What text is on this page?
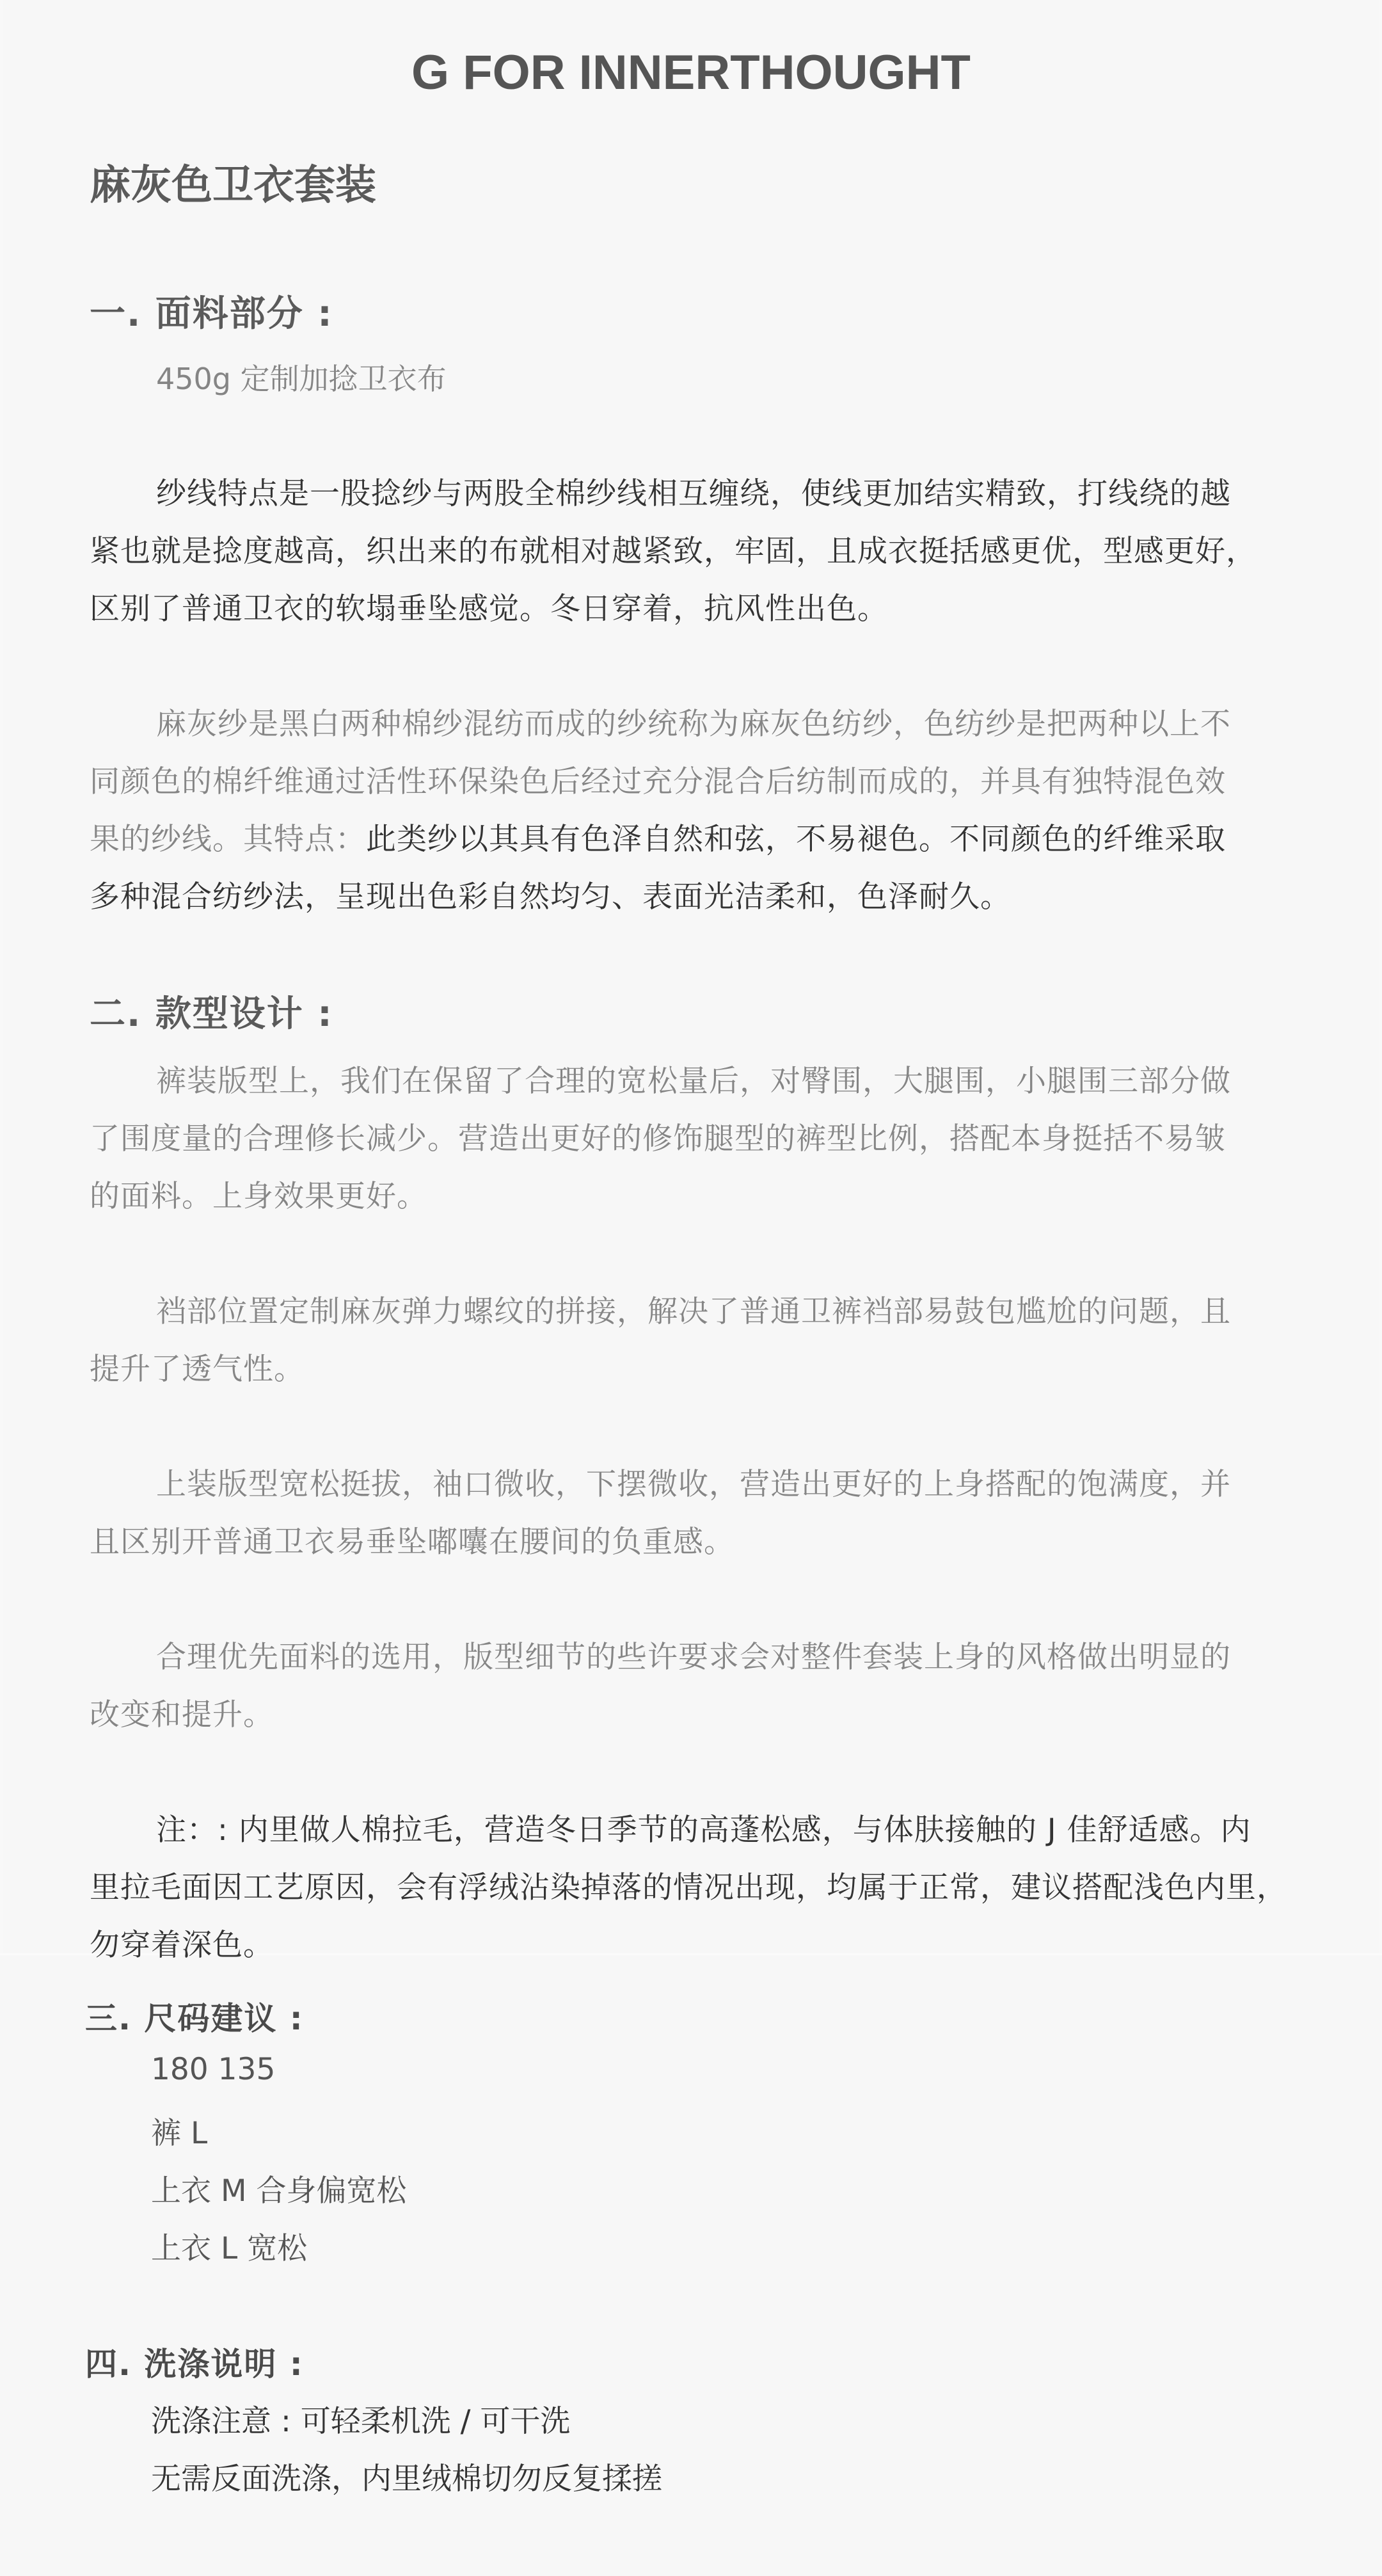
G FOR INNERTHOUGHT
麻灰色卫衣套装
一. 面料部分 :
450g 定制加捻卫衣布
纱线特点是一股捻纱与两股全棉纱线相互缠绕，使线更加结实精致，打线绕的越
紧也就是捻度越高，织出来的布就相对越紧致，牢固，且成衣挺括感更优，型感更好，
区别了普通卫衣的软塌垂坠感觉。冬日穿着，抗风性出色。
麻灰纱是黑白两种棉纱混纺而成的纱统称为麻灰色纺纱，色纺纱是把两种以上不
同颜色的棉纤维通过活性环保染色后经过充分混合后纺制而成的，并具有独特混色效
果的纱线。其特点：此类纱以其具有色泽自然和弦，不易褪色。不同颜色的纤维采取
多种混合纺纱法，呈现出色彩自然均匀、表面光洁柔和，色泽耐久。
二. 款型设计 :
裤装版型上，我们在保留了合理的宽松量后，对臀围，大腿围，小腿围三部分做
了围度量的合理修长减少。营造出更好的修饰腿型的裤型比例，搭配本身挺括不易皱
的面料。上身效果更好。
裆部位置定制麻灰弹力螺纹的拼接，解决了普通卫裤裆部易鼓包尴尬的问题，且
提升了透气性。
上装版型宽松挺拔，袖口微收，下摆微收，营造出更好的上身搭配的饱满度，并
且区别开普通卫衣易垂坠嘟囔在腰间的负重感。
合理优先面料的选用，版型细节的些许要求会对整件套装上身的风格做出明显的
改变和提升。
注：: 内里做人棉拉毛，营造冬日季节的高蓬松感，与体肤接触的 J 佳舒适感。内
里拉毛面因工艺原因，会有浮绒沾染掉落的情况出现，均属于正常，建议搭配浅色内里，
勿穿着深色。
三. 尺码建议 :
180 135
裤 L
上衣 M 合身偏宽松
上衣 L 宽松
四. 洗涤说明 :
洗涤注意 : 可轻柔机洗 / 可干洗
无需反面洗涤，内里绒棉切勿反复揉搓
